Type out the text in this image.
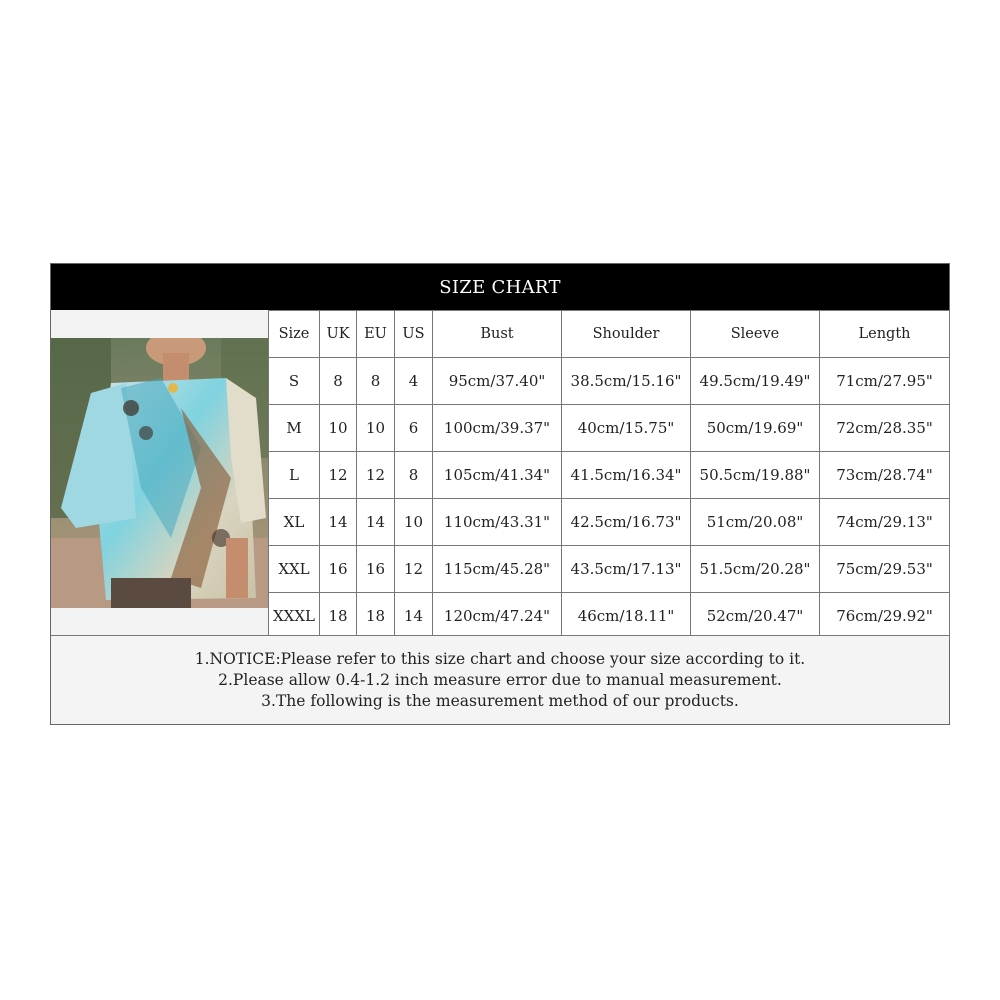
SIZE CHART
Size	UK	EU	US	Bust	Shoulder	Sleeve	Length
S	8	8	4	95cm/37.40"	38.5cm/15.16"	49.5cm/19.49"	71cm/27.95"
M	10	10	6	100cm/39.37"	40cm/15.75"	50cm/19.69"	72cm/28.35"
L	12	12	8	105cm/41.34"	41.5cm/16.34"	50.5cm/19.88"	73cm/28.74"
XL	14	14	10	110cm/43.31"	42.5cm/16.73"	51cm/20.08"	74cm/29.13"
XXL	16	16	12	115cm/45.28"	43.5cm/17.13"	51.5cm/20.28"	75cm/29.53"
XXXL	18	18	14	120cm/47.24"	46cm/18.11"	52cm/20.47"	76cm/29.92"
1.NOTICE:Please refer to this size chart and choose your size according to it.
2.Please allow 0.4-1.2 inch measure error due to manual measurement.
3.The following is the measurement method of our products.
